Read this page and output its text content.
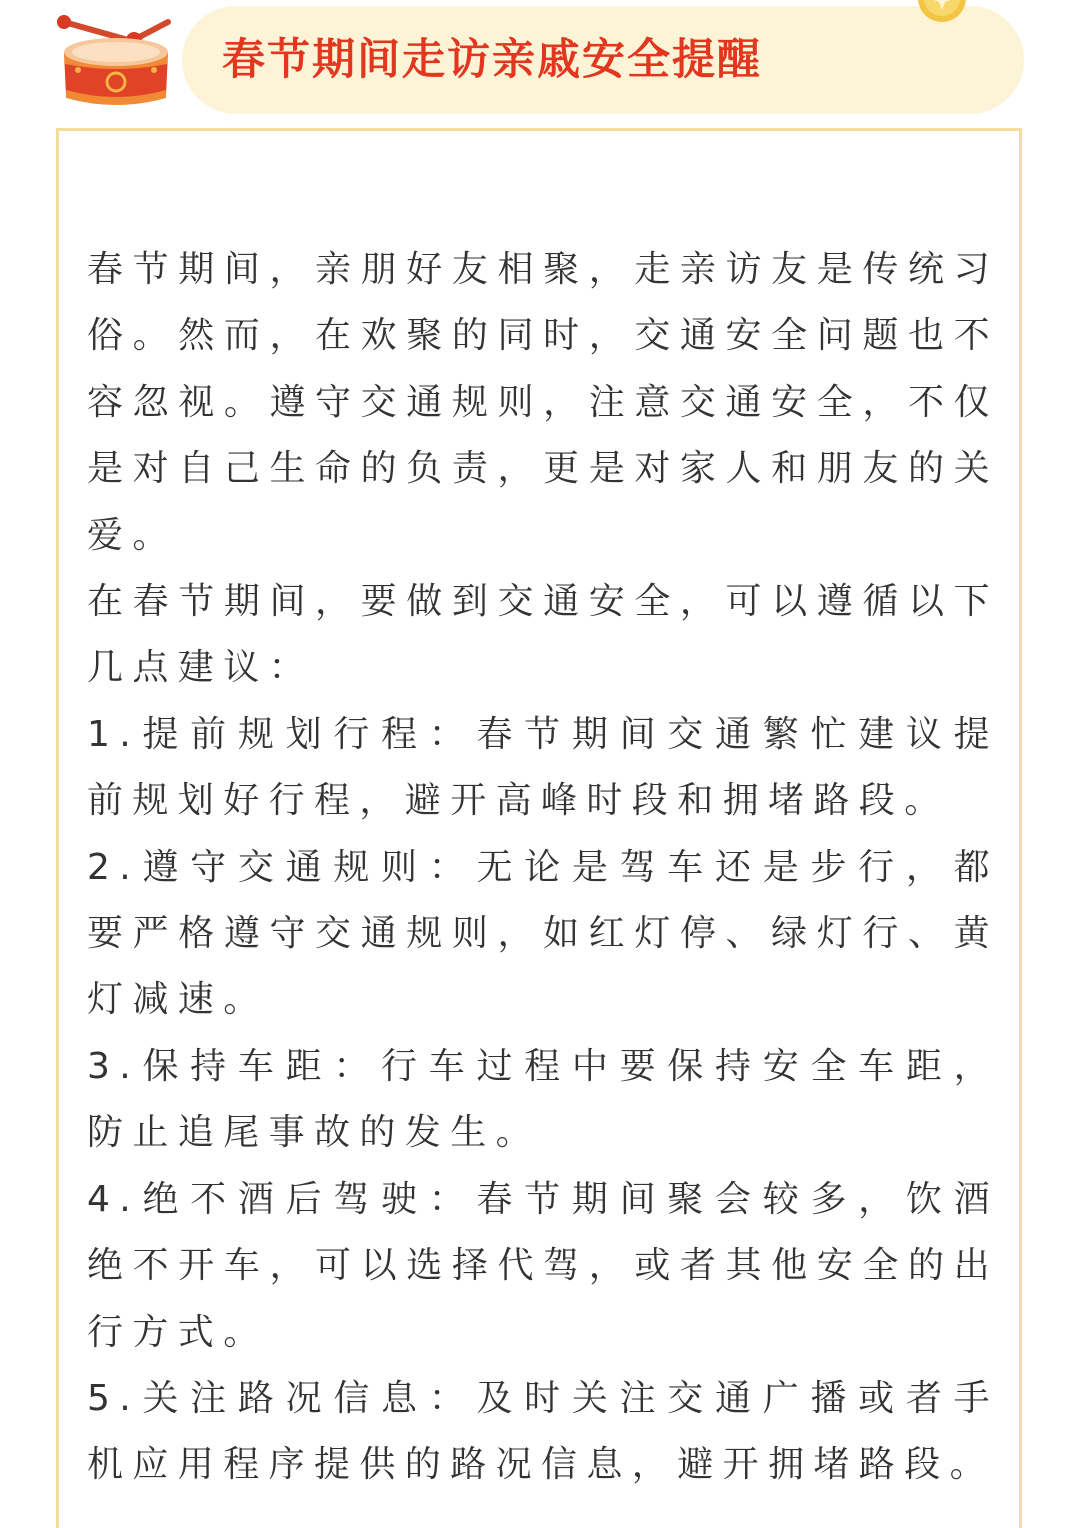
春节期间走访亲戚安全提醒

春节期间，亲朋好友相聚，走亲访友是传统习俗。然而，在欢聚的同时，交通安全问题也不容忽视。遵守交通规则，注意交通安全，不仅是对自己生命的负责，更是对家人和朋友的关爱。

在春节期间，要做到交通安全，可以遵循以下几点建议：

1.提前规划行程：春节期间交通繁忙建议提前规划好行程，避开高峰时段和拥堵路段。

2.遵守交通规则：无论是驾车还是步行，都要严格遵守交通规则，如红灯停、绿灯行、黄灯减速。

3.保持车距：行车过程中要保持安全车距，防止追尾事故的发生。

4.绝不酒后驾驶：春节期间聚会较多，饮酒绝不开车，可以选择代驾，或者其他安全的出行方式。

5.关注路况信息：及时关注交通广播或者手机应用程序提供的路况信息，避开拥堵路段。
